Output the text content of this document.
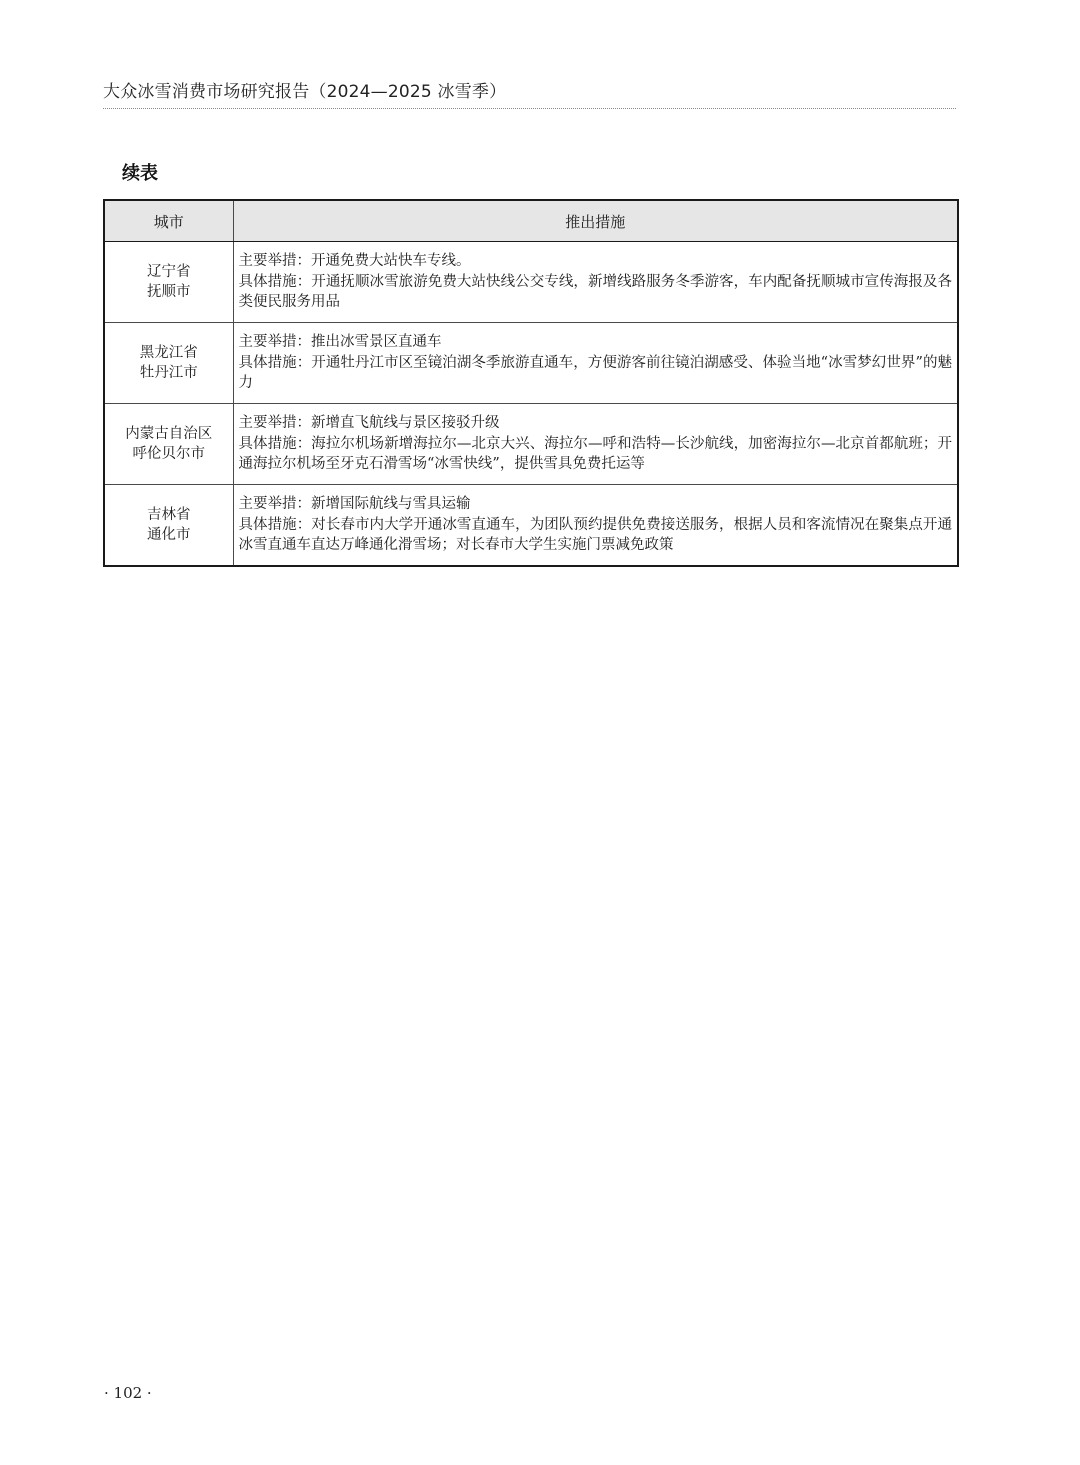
大众冰雪消费市场研究报告（2024—2025 冰雪季）
续表
城市	推出措施

辽宁省
抚顺市	主要举措：开通免费大站快车专线。
具体措施：开通抚顺冰雪旅游免费大站快线公交专线，新增线路服务冬季游客，车内配备抚顺城市宣传海报及各类便民服务用品

黑龙江省
牡丹江市	主要举措：推出冰雪景区直通车
具体措施：开通牡丹江市区至镜泊湖冬季旅游直通车，方便游客前往镜泊湖感受、体验当地“冰雪梦幻世界”的魅力

内蒙古自治区
呼伦贝尔市	主要举措：新增直飞航线与景区接驳升级
具体措施：海拉尔机场新增海拉尔—北京大兴、海拉尔—呼和浩特—长沙航线，加密海拉尔—北京首都航班；开通海拉尔机场至牙克石滑雪场“冰雪快线”，提供雪具免费托运等

吉林省
通化市	主要举措：新增国际航线与雪具运输
具体措施：对长春市内大学开通冰雪直通车，为团队预约提供免费接送服务，根据人员和客流情况在聚集点开通冰雪直通车直达万峰通化滑雪场；对长春市大学生实施门票减免政策
· 102 ·
